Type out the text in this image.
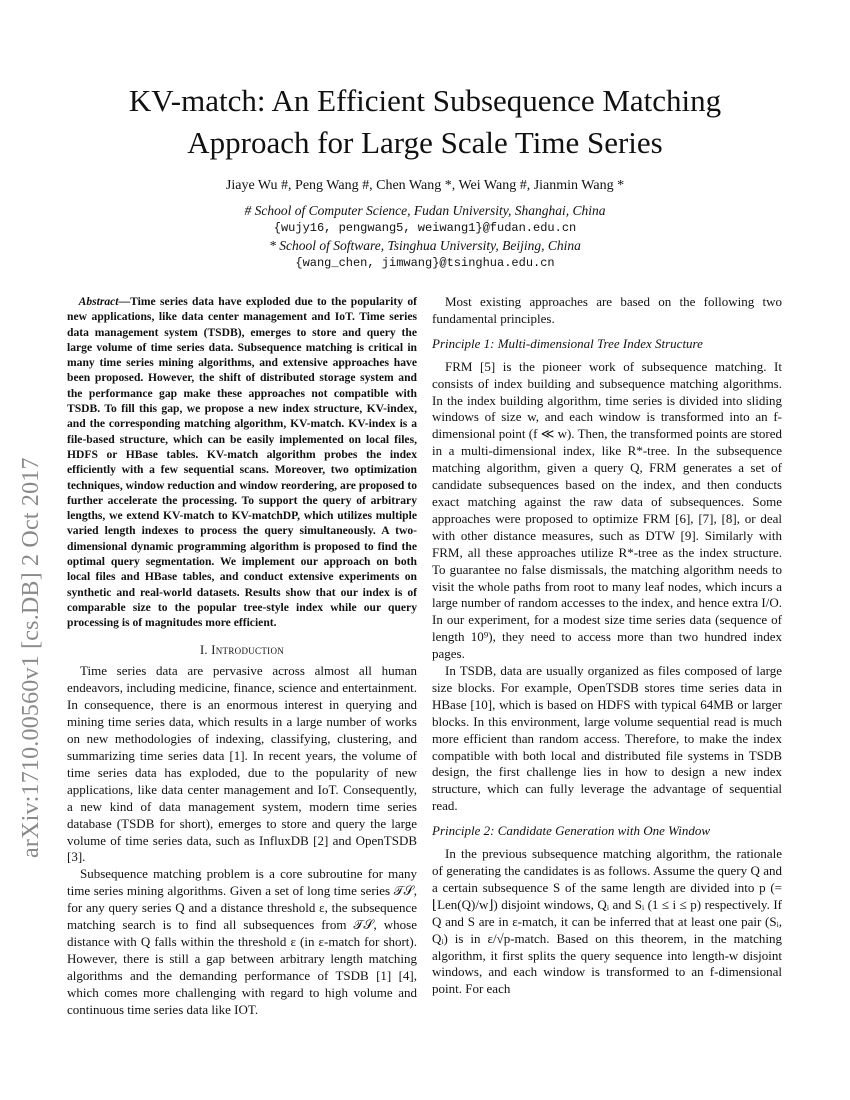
arXiv:1710.00560v1 [cs.DB] 2 Oct 2017
KV-match: An Efficient Subsequence Matching
Approach for Large Scale Time Series
Jiaye Wu #, Peng Wang #, Chen Wang *, Wei Wang #, Jianmin Wang *
# School of Computer Science, Fudan University, Shanghai, China
{wujy16, pengwang5, weiwang1}@fudan.edu.cn
* School of Software, Tsinghua University, Beijing, China
{wang_chen, jimwang}@tsinghua.edu.cn

Abstract—Time series data have exploded due to the popularity of new applications, like data center management and IoT. Time series data management system (TSDB), emerges to store and query the large volume of time series data. Subsequence matching is critical in many time series mining algorithms, and extensive approaches have been proposed. However, the shift of distributed storage system and the performance gap make these approaches not compatible with TSDB. To fill this gap, we propose a new index structure, KV-index, and the corresponding matching algorithm, KV-match. KV-index is a file-based structure, which can be easily implemented on local files, HDFS or HBase tables. KV-match algorithm probes the index efficiently with a few sequential scans. Moreover, two optimization techniques, window reduction and window reordering, are proposed to further accelerate the processing. To support the query of arbitrary lengths, we extend KV-match to KV-matchDP, which utilizes multiple varied length indexes to process the query simultaneously. A two-dimensional dynamic programming algorithm is proposed to find the optimal query segmentation. We implement our approach on both local files and HBase tables, and conduct extensive experiments on synthetic and real-world datasets. Results show that our index is of comparable size to the popular tree-style index while our query processing is of magnitudes more efficient.

I. Introduction

Time series data are pervasive across almost all human endeavors, including medicine, finance, science and entertainment. In consequence, there is an enormous interest in querying and mining time series data, which results in a large number of works on new methodologies of indexing, classifying, clustering, and summarizing time series data [1]. In recent years, the volume of time series data has exploded, due to the popularity of new applications, like data center management and IoT. Consequently, a new kind of data management system, modern time series database (TSDB for short), emerges to store and query the large volume of time series data, such as InfluxDB [2] and OpenTSDB [3].

Subsequence matching problem is a core subroutine for many time series mining algorithms. Given a set of long time series 𝒯𝒮, for any query series Q and a distance threshold ε, the subsequence matching search is to find all subsequences from 𝒯𝒮, whose distance with Q falls within the threshold ε (in ε-match for short). However, there is still a gap between arbitrary length matching algorithms and the demanding performance of TSDB [1] [4], which comes more challenging with regard to high volume and continuous time series data like IOT.

Most existing approaches are based on the following two fundamental principles.

Principle 1: Multi-dimensional Tree Index Structure

FRM [5] is the pioneer work of subsequence matching. It consists of index building and subsequence matching algorithms. In the index building algorithm, time series is divided into sliding windows of size w, and each window is transformed into an f-dimensional point (f ≪ w). Then, the transformed points are stored in a multi-dimensional index, like R*-tree. In the subsequence matching algorithm, given a query Q, FRM generates a set of candidate subsequences based on the index, and then conducts exact matching against the raw data of subsequences. Some approaches were proposed to optimize FRM [6], [7], [8], or deal with other distance measures, such as DTW [9]. Similarly with FRM, all these approaches utilize R*-tree as the index structure. To guarantee no false dismissals, the matching algorithm needs to visit the whole paths from root to many leaf nodes, which incurs a large number of random accesses to the index, and hence extra I/O. In our experiment, for a modest size time series data (sequence of length 10⁹), they need to access more than two hundred index pages.

In TSDB, data are usually organized as files composed of large size blocks. For example, OpenTSDB stores time series data in HBase [10], which is based on HDFS with typical 64MB or larger blocks. In this environment, large volume sequential read is much more efficient than random access. Therefore, to make the index compatible with both local and distributed file systems in TSDB design, the first challenge lies in how to design a new index structure, which can fully leverage the advantage of sequential read.

Principle 2: Candidate Generation with One Window

In the previous subsequence matching algorithm, the rationale of generating the candidates is as follows. Assume the query Q and a certain subsequence S of the same length are divided into p (= ⌊Len(Q)/w⌋) disjoint windows, Qᵢ and Sᵢ (1 ≤ i ≤ p) respectively. If Q and S are in ε-match, it can be inferred that at least one pair (Sᵢ, Qᵢ) is in ε/√p-match. Based on this theorem, in the matching algorithm, it first splits the query sequence into length-w disjoint windows, and each window is transformed to an f-dimensional point. For each
